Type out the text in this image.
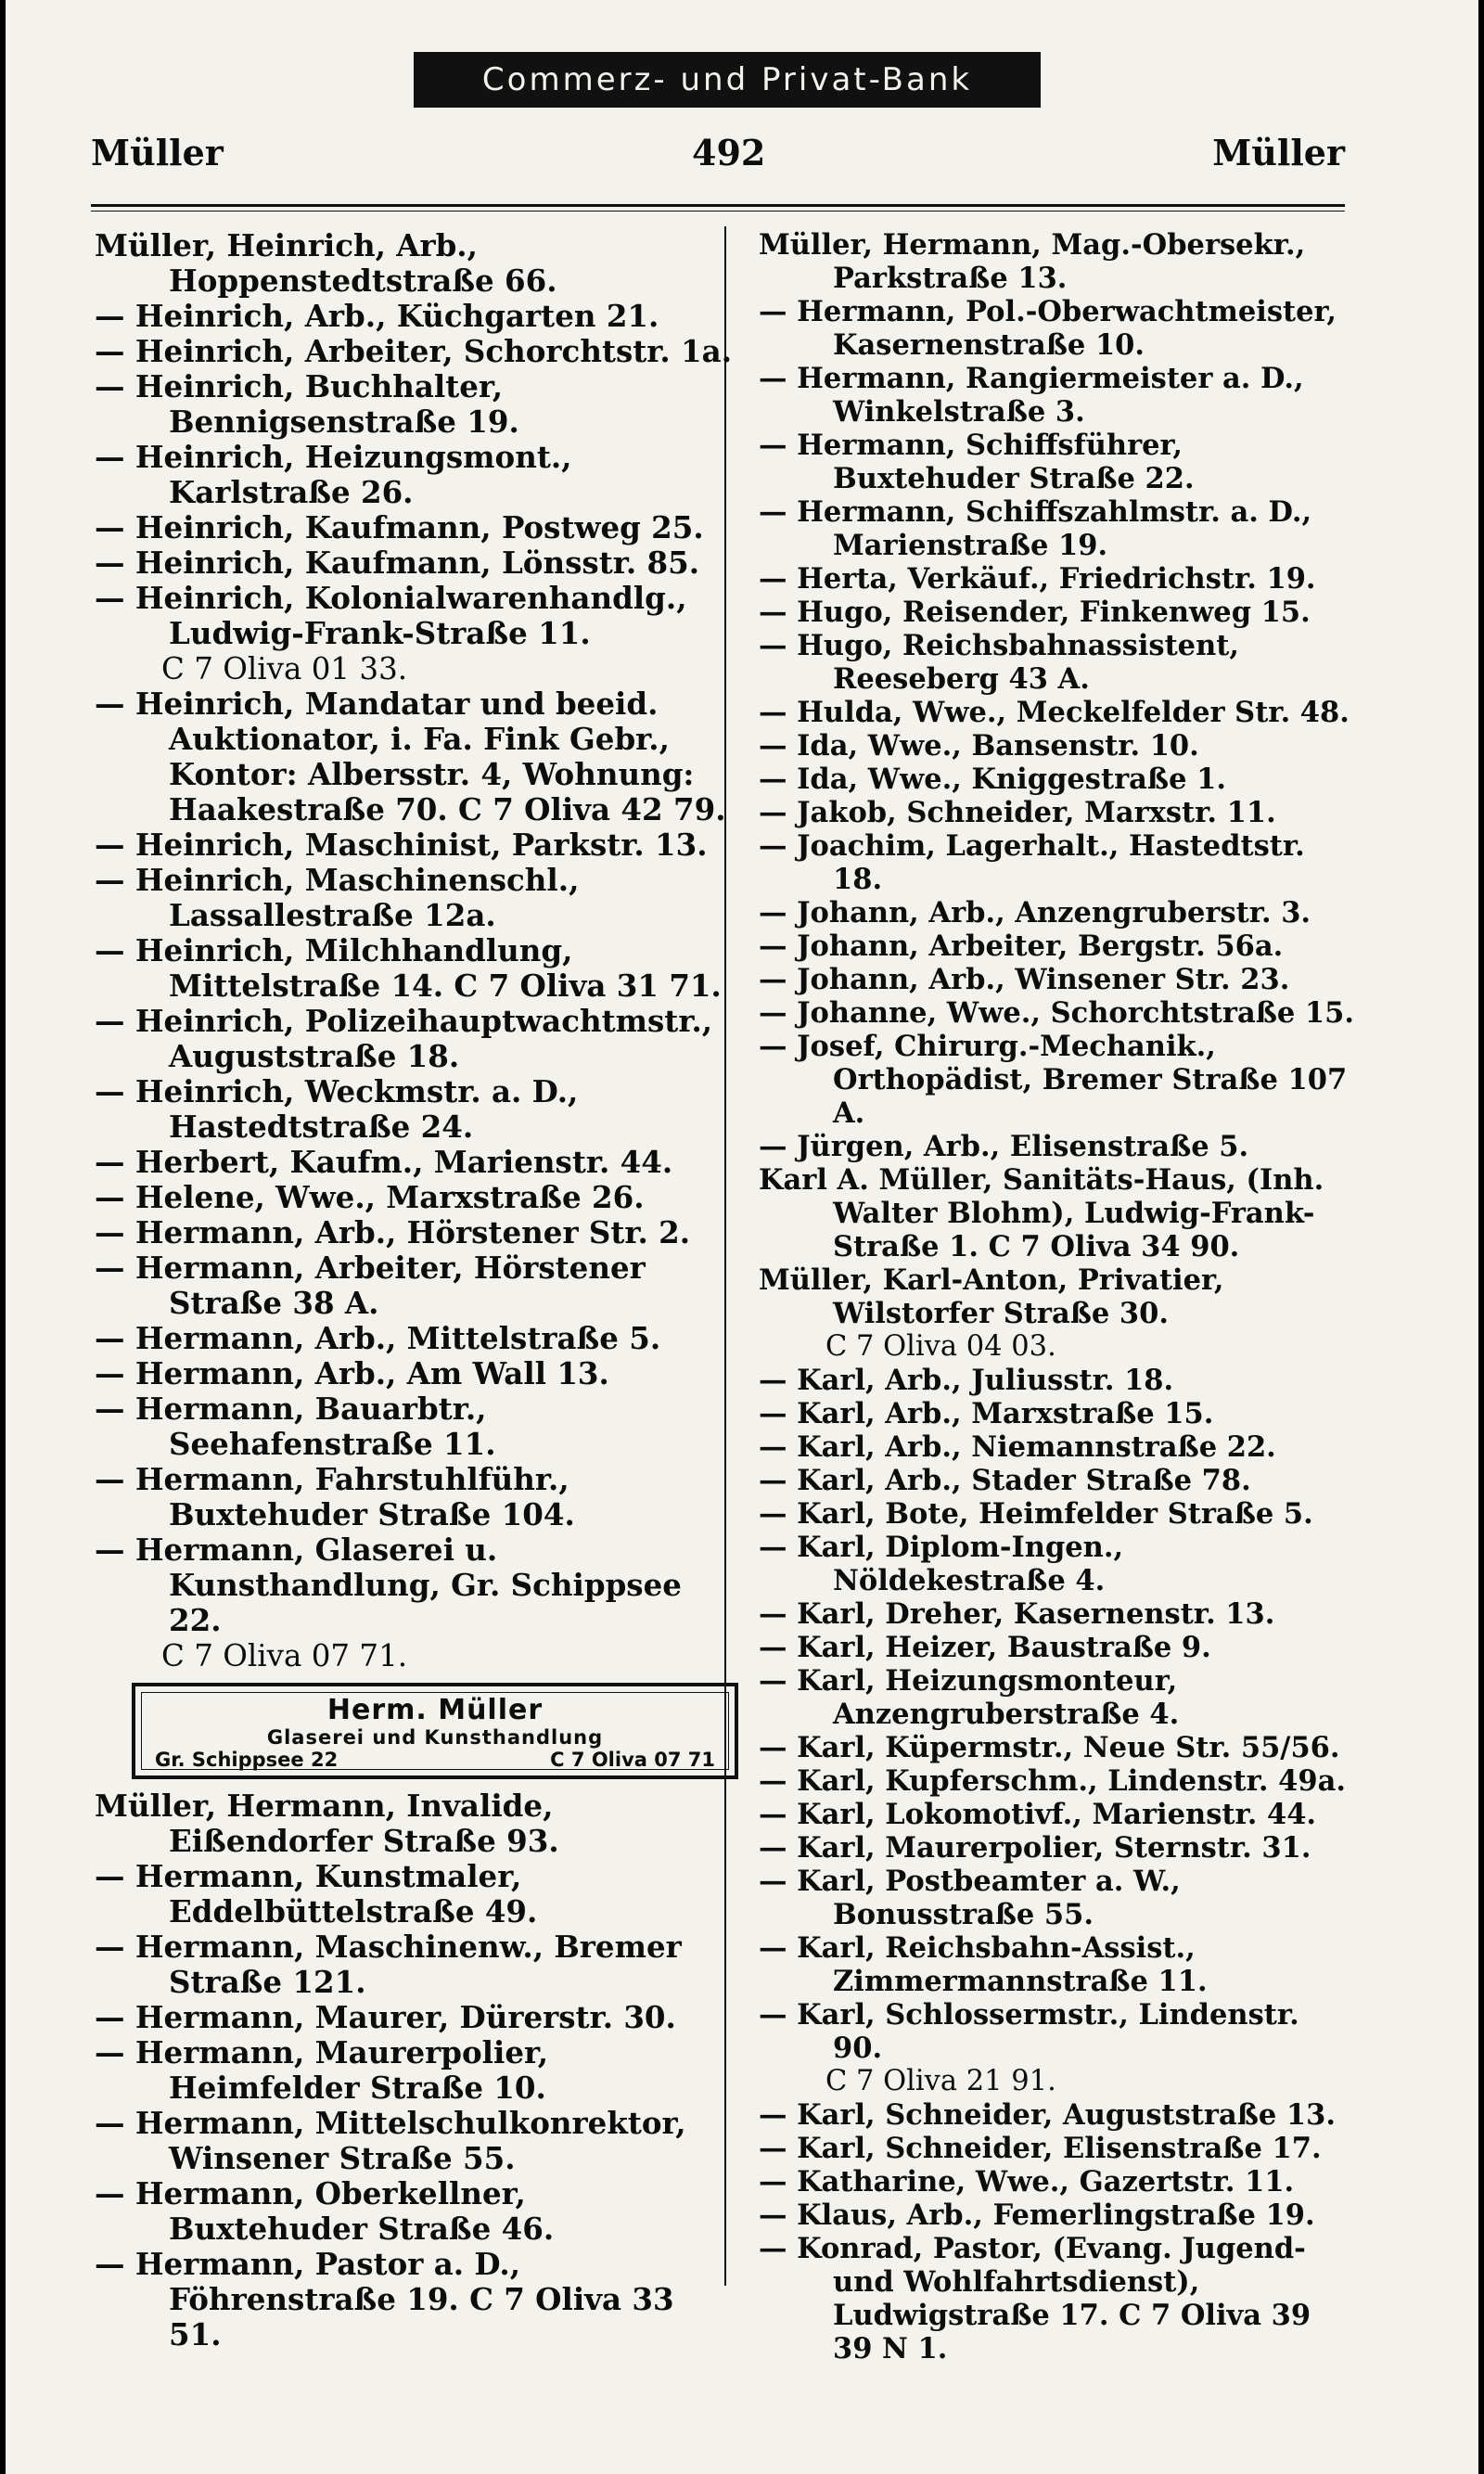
Commerz- und Privat-Bank
Müller	492	Müller

Müller, Heinrich, Arb., Hoppenstedtstraße 66.

— Heinrich, Arb., Küchgarten 21.

— Heinrich, Arbeiter, Schorchtstr. 1a.

— Heinrich, Buchhalter, Bennigsenstraße 19.

— Heinrich, Heizungsmont., Karlstraße 26.

— Heinrich, Kaufmann, Postweg 25.

— Heinrich, Kaufmann, Lönsstr. 85.

— Heinrich, Kolonialwarenhandlg., Ludwig-Frank-Straße 11.

C 7 Oliva 01 33.

— Heinrich, Mandatar und beeid. Auktionator, i. Fa. Fink Gebr., Kontor: Albersstr. 4, Wohnung: Haakestraße 70. C 7 Oliva 42 79.

— Heinrich, Maschinist, Parkstr. 13.

— Heinrich, Maschinenschl., Lassallestraße 12a.

— Heinrich, Milchhandlung, Mittelstraße 14. C 7 Oliva 31 71.

— Heinrich, Polizeihauptwachtmstr., Auguststraße 18.

— Heinrich, Weckmstr. a. D., Hastedtstraße 24.

— Herbert, Kaufm., Marienstr. 44.

— Helene, Wwe., Marxstraße 26.

— Hermann, Arb., Hörstener Str. 2.

— Hermann, Arbeiter, Hörstener Straße 38 A.

— Hermann, Arb., Mittelstraße 5.

— Hermann, Arb., Am Wall 13.

— Hermann, Bauarbtr., Seehafenstraße 11.

— Hermann, Fahrstuhlführ., Buxtehuder Straße 104.

— Hermann, Glaserei u. Kunsthandlung, Gr. Schippsee 22.

C 7 Oliva 07 71.

Herm. Müller
Glaserei und Kunsthandlung
Gr. Schippsee 22	C 7 Oliva 07 71

Müller, Hermann, Invalide, Eißendorfer Straße 93.

— Hermann, Kunstmaler, Eddelbüttelstraße 49.

— Hermann, Maschinenw., Bremer Straße 121.

— Hermann, Maurer, Dürerstr. 30.

— Hermann, Maurerpolier, Heimfelder Straße 10.

— Hermann, Mittelschulkonrektor, Winsener Straße 55.

— Hermann, Oberkellner, Buxtehuder Straße 46.

— Hermann, Pastor a. D., Föhrenstraße 19. C 7 Oliva 33 51.

Müller, Hermann, Mag.-Obersekr., Parkstraße 13.

— Hermann, Pol.-Oberwachtmeister, Kasernenstraße 10.

— Hermann, Rangiermeister a. D., Winkelstraße 3.

— Hermann, Schiffsführer, Buxtehuder Straße 22.

— Hermann, Schiffszahlmstr. a. D., Marienstraße 19.

— Herta, Verkäuf., Friedrichstr. 19.

— Hugo, Reisender, Finkenweg 15.

— Hugo, Reichsbahnassistent, Reeseberg 43 A.

— Hulda, Wwe., Meckelfelder Str. 48.

— Ida, Wwe., Bansenstr. 10.

— Ida, Wwe., Kniggestraße 1.

— Jakob, Schneider, Marxstr. 11.

— Joachim, Lagerhalt., Hastedtstr. 18.

— Johann, Arb., Anzengruberstr. 3.

— Johann, Arbeiter, Bergstr. 56a.

— Johann, Arb., Winsener Str. 23.

— Johanne, Wwe., Schorchtstraße 15.

— Josef, Chirurg.-Mechanik., Orthopädist, Bremer Straße 107 A.

— Jürgen, Arb., Elisenstraße 5.

Karl A. Müller, Sanitäts-Haus, (Inh. Walter Blohm), Ludwig-Frank-Straße 1. C 7 Oliva 34 90.

Müller, Karl-Anton, Privatier, Wilstorfer Straße 30.

C 7 Oliva 04 03.

— Karl, Arb., Juliusstr. 18.

— Karl, Arb., Marxstraße 15.

— Karl, Arb., Niemannstraße 22.

— Karl, Arb., Stader Straße 78.

— Karl, Bote, Heimfelder Straße 5.

— Karl, Diplom-Ingen., Nöldekestraße 4.

— Karl, Dreher, Kasernenstr. 13.

— Karl, Heizer, Baustraße 9.

— Karl, Heizungsmonteur, Anzengruberstraße 4.

— Karl, Küpermstr., Neue Str. 55/56.

— Karl, Kupferschm., Lindenstr. 49a.

— Karl, Lokomotivf., Marienstr. 44.

— Karl, Maurerpolier, Sternstr. 31.

— Karl, Postbeamter a. W., Bonusstraße 55.

— Karl, Reichsbahn-Assist., Zimmermannstraße 11.

— Karl, Schlossermstr., Lindenstr. 90.

C 7 Oliva 21 91.

— Karl, Schneider, Auguststraße 13.

— Karl, Schneider, Elisenstraße 17.

— Katharine, Wwe., Gazertstr. 11.

— Klaus, Arb., Femerlingstraße 19.

— Konrad, Pastor, (Evang. Jugend- und Wohlfahrtsdienst), Ludwigstraße 17. C 7 Oliva 39 39 N 1.
